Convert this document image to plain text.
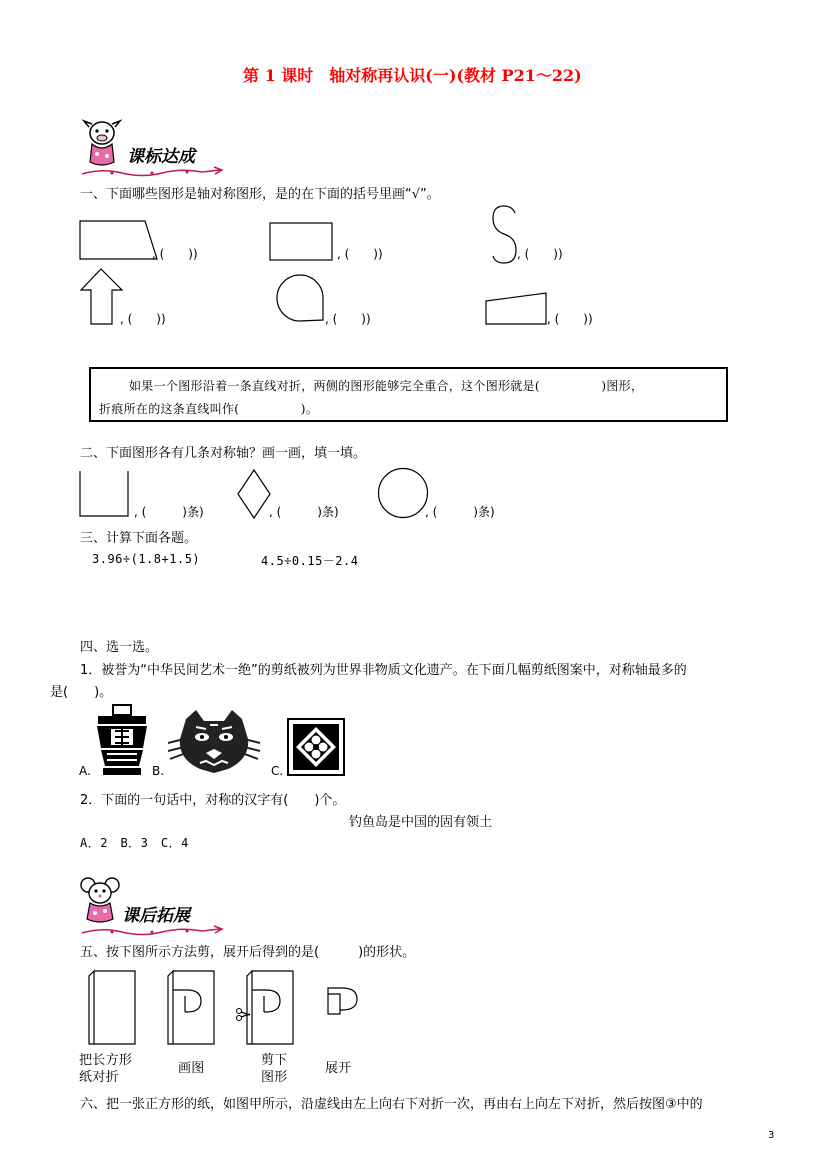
第 1 课时　轴对称再认识(一)(教材 P21～22)
课标达成
一、下面哪些图形是轴对称图形，是的在下面的括号里画“√”。
, (　　))	, (　　))	, (　　))
, (　　))	, (　　))	, (　　))
如果一个图形沿着一条直线对折，两侧的图形能够完全重合，这个图形就是(　　　　　)图形，
折痕所在的这条直线叫作(　　　　　)。
二、下面图形各有几条对称轴？画一画，填一填。
, (　　　)条)	, (　　　)条)	, (　　　)条)
三、计算下面各题。
3.96÷(1.8+1.5)	4.5÷0.15－2.4
四、选一选。
1．被誉为“中华民间艺术一绝”的剪纸被列为世界非物质文化遗产。在下面几幅剪纸图案中，对称轴最多的
是(　　)。
A.	B.	C.
2．下面的一句话中，对称的汉字有(　　)个。
钓鱼岛是中国的固有领土
A．2　B．3　C．4
课后拓展
五、按下图所示方法剪，展开后得到的是(　　　)的形状。
把长方形
纸对折
画图
剪下
图形
展开
六、把一张正方形的纸，如图甲所示，沿虚线由左上向右下对折一次，再由右上向左下对折，然后按图③中的
3
